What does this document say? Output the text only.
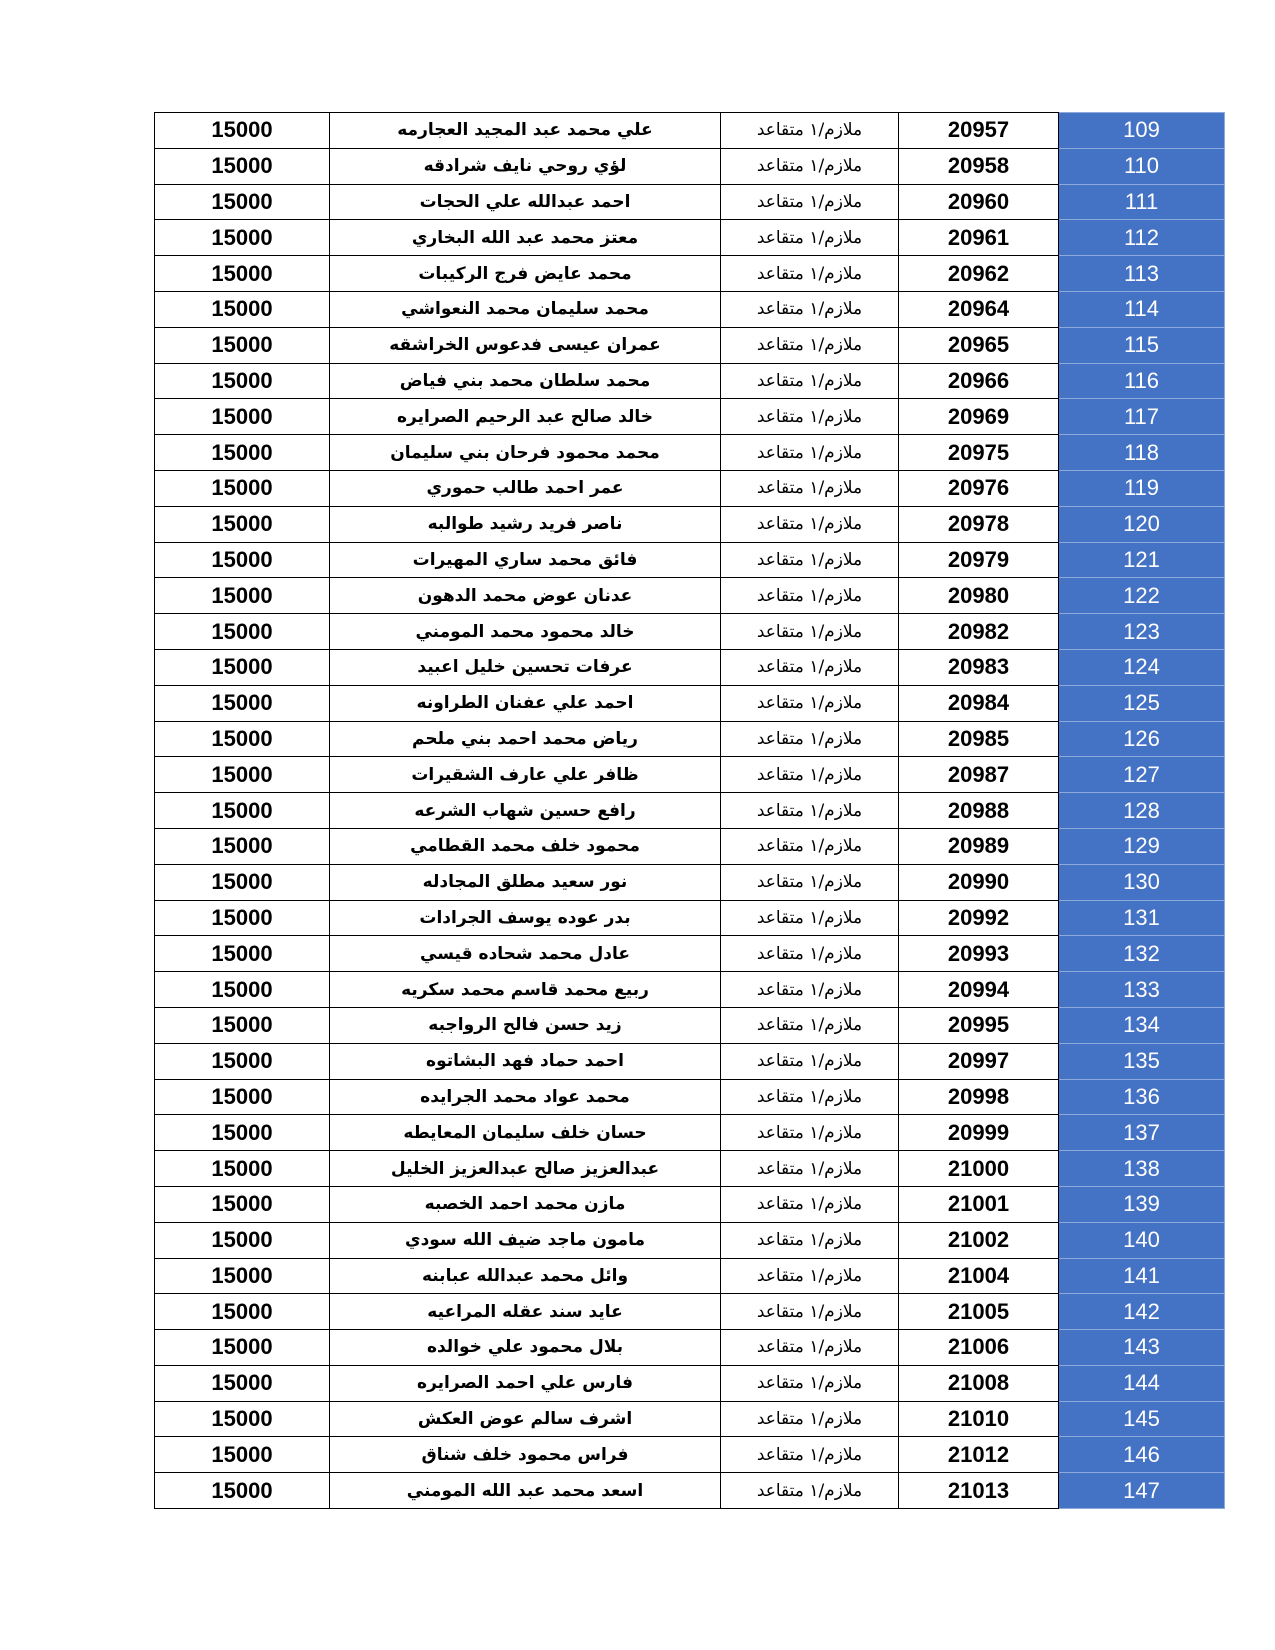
15000	علي محمد عبد المجيد العجارمه	ملازم/١ متقاعد	20957	109
15000	لؤي روحي نايف شرادقه	ملازم/١ متقاعد	20958	110
15000	احمد عبدالله علي الحجات	ملازم/١ متقاعد	20960	111
15000	معتز محمد عبد الله البخاري	ملازم/١ متقاعد	20961	112
15000	محمد عايض فرج الركيبات	ملازم/١ متقاعد	20962	113
15000	محمد سليمان محمد النعواشي	ملازم/١ متقاعد	20964	114
15000	عمران عيسى فدعوس الخراشقه	ملازم/١ متقاعد	20965	115
15000	محمد سلطان محمد بني فياض	ملازم/١ متقاعد	20966	116
15000	خالد صالح عبد الرحيم الصرايره	ملازم/١ متقاعد	20969	117
15000	محمد محمود فرحان بني سليمان	ملازم/١ متقاعد	20975	118
15000	عمر احمد طالب حموري	ملازم/١ متقاعد	20976	119
15000	ناصر فريد رشيد طوالبه	ملازم/١ متقاعد	20978	120
15000	فائق محمد ساري المهيرات	ملازم/١ متقاعد	20979	121
15000	عدنان عوض محمد الدهون	ملازم/١ متقاعد	20980	122
15000	خالد محمود محمد المومني	ملازم/١ متقاعد	20982	123
15000	عرفات تحسين خليل اعبيد	ملازم/١ متقاعد	20983	124
15000	احمد علي عفنان الطراونه	ملازم/١ متقاعد	20984	125
15000	رياض محمد احمد بني ملحم	ملازم/١ متقاعد	20985	126
15000	ظافر علي عارف الشقيرات	ملازم/١ متقاعد	20987	127
15000	رافع حسين شهاب الشرعه	ملازم/١ متقاعد	20988	128
15000	محمود خلف محمد القطامي	ملازم/١ متقاعد	20989	129
15000	نور سعيد مطلق المجادله	ملازم/١ متقاعد	20990	130
15000	بدر عوده يوسف الجرادات	ملازم/١ متقاعد	20992	131
15000	عادل محمد شحاده قيسي	ملازم/١ متقاعد	20993	132
15000	ربيع محمد قاسم محمد سكريه	ملازم/١ متقاعد	20994	133
15000	زيد حسن فالح الرواجبه	ملازم/١ متقاعد	20995	134
15000	احمد حماد فهد البشاتوه	ملازم/١ متقاعد	20997	135
15000	محمد عواد محمد الجرايده	ملازم/١ متقاعد	20998	136
15000	حسان خلف سليمان المعايطه	ملازم/١ متقاعد	20999	137
15000	عبدالعزيز صالح عبدالعزيز الخليل	ملازم/١ متقاعد	21000	138
15000	مازن محمد احمد الخصبه	ملازم/١ متقاعد	21001	139
15000	مامون ماجد ضيف الله سودي	ملازم/١ متقاعد	21002	140
15000	وائل محمد عبدالله عبابنه	ملازم/١ متقاعد	21004	141
15000	عايد سند عقله المراعيه	ملازم/١ متقاعد	21005	142
15000	بلال محمود علي خوالده	ملازم/١ متقاعد	21006	143
15000	فارس علي احمد الصرايره	ملازم/١ متقاعد	21008	144
15000	اشرف سالم عوض العكش	ملازم/١ متقاعد	21010	145
15000	فراس محمود خلف شناق	ملازم/١ متقاعد	21012	146
15000	اسعد محمد عبد الله المومني	ملازم/١ متقاعد	21013	147
